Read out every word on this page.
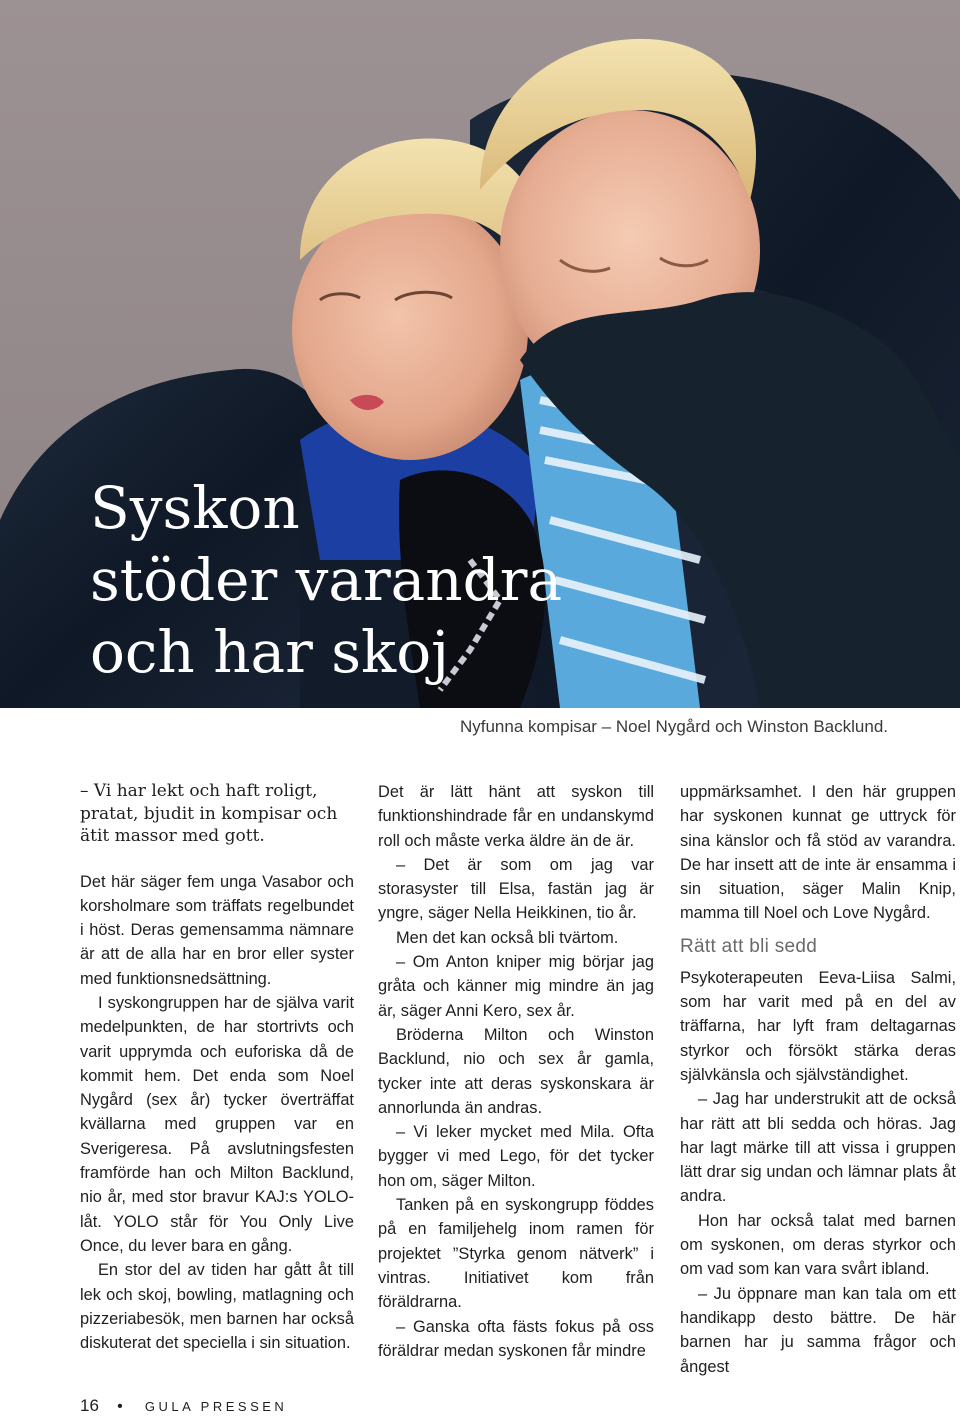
Syskon
stöder varandra
och har skoj
Nyfunna kompisar – Noel Nygård och Winston Backlund.

– Vi har lekt och haft roligt, pratat, bjudit in kompisar och ätit massor med gott.

Det här säger fem unga Vasabor och korsholmare som träffats regelbundet i höst. Deras gemensamma nämnare är att de alla har en bror eller syster med funktionsnedsättning.

I syskongruppen har de själva varit medelpunkten, de har stortrivts och varit upprymda och euforiska då de kommit hem. Det enda som Noel Nygård (sex år) tycker överträffat kvällarna med gruppen var en Sverigeresa. På avslutningsfesten framförde han och Milton Backlund, nio år, med stor bravur KAJ:s YOLO-låt. YOLO står för You Only Live Once, du lever bara en gång.

En stor del av tiden har gått åt till lek och skoj, bowling, matlagning och pizzeriabesök, men barnen har också diskuterat det speciella i sin situation.

Det är lätt hänt att syskon till funktionshindrade får en undanskymd roll och måste verka äldre än de är.

– Det är som om jag var storasyster till Elsa, fastän jag är yngre, säger Nella Heikkinen, tio år.

Men det kan också bli tvärtom.

– Om Anton kniper mig börjar jag gråta och känner mig mindre än jag är, säger Anni Kero, sex år.

Bröderna Milton och Winston Backlund, nio och sex år gamla, tycker inte att deras syskonskara är annorlunda än andras.

– Vi leker mycket med Mila. Ofta bygger vi med Lego, för det tycker hon om, säger Milton.

Tanken på en syskongrupp föddes på en familjehelg inom ramen för projektet ”Styrka genom nätverk” i vintras. Initiativet kom från föräldrarna.

– Ganska ofta fästs fokus på oss föräldrar medan syskonen får mindre

uppmärksamhet. I den här gruppen har syskonen kunnat ge uttryck för sina känslor och få stöd av varandra. De har insett att de inte är ensamma i sin situation, säger Malin Knip, mamma till Noel och Love Nygård.

Rätt att bli sedd

Psykoterapeuten Eeva-Liisa Salmi, som har varit med på en del av träffarna, har lyft fram deltagarnas styrkor och försökt stärka deras självkänsla och självständighet.

– Jag har understrukit att de också har rätt att bli sedda och höras. Jag har lagt märke till att vissa i gruppen lätt drar sig undan och lämnar plats åt andra.

Hon har också talat med barnen om syskonen, om deras styrkor och om vad som kan vara svårt ibland.

– Ju öppnare man kan tala om ett handikapp desto bättre. De här barnen har ju samma frågor och ångest

16 • GULA PRESSEN
